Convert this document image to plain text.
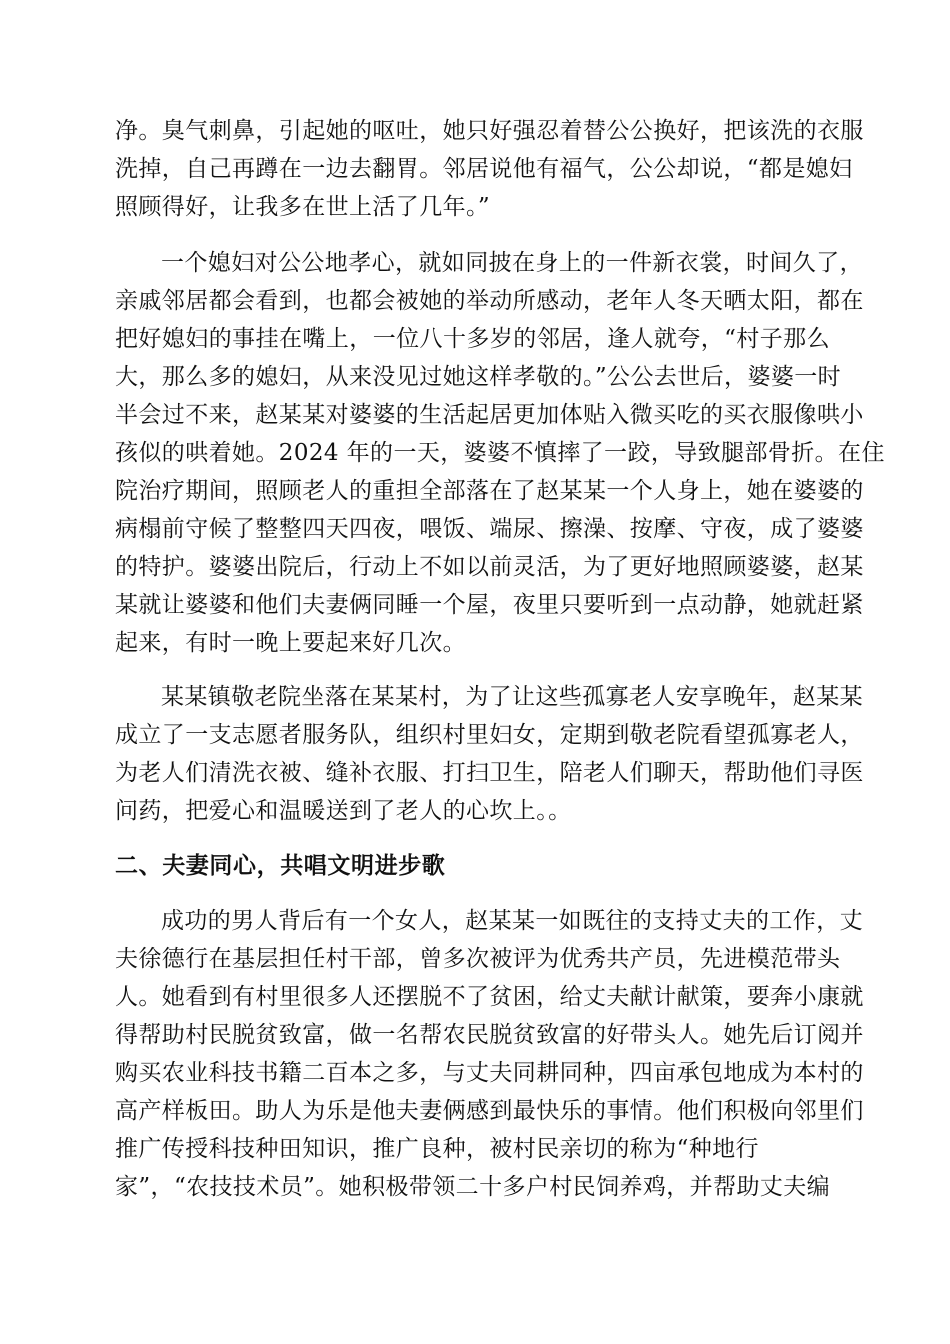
净。臭气刺鼻，引起她的呕吐，她只好强忍着替公公换好，把该洗的衣服
洗掉，自己再蹲在一边去翻胃。邻居说他有福气，公公却说，“都是媳妇
照顾得好，让我多在世上活了几年。”
一个媳妇对公公地孝心，就如同披在身上的一件新衣裳，时间久了，
亲戚邻居都会看到，也都会被她的举动所感动，老年人冬天晒太阳，都在
把好媳妇的事挂在嘴上，一位八十多岁的邻居，逢人就夸，“村子那么
大，那么多的媳妇，从来没见过她这样孝敬的。”公公去世后，婆婆一时
半会过不来，赵某某对婆婆的生活起居更加体贴入微买吃的买衣服像哄小
孩似的哄着她。2024 年的一天，婆婆不慎摔了一跤，导致腿部骨折。在住
院治疗期间，照顾老人的重担全部落在了赵某某一个人身上，她在婆婆的
病榻前守候了整整四天四夜，喂饭、端尿、擦澡、按摩、守夜，成了婆婆
的特护。婆婆出院后，行动上不如以前灵活，为了更好地照顾婆婆，赵某
某就让婆婆和他们夫妻俩同睡一个屋，夜里只要听到一点动静，她就赶紧
起来，有时一晚上要起来好几次。
某某镇敬老院坐落在某某村，为了让这些孤寡老人安享晚年，赵某某
成立了一支志愿者服务队，组织村里妇女，定期到敬老院看望孤寡老人，
为老人们清洗衣被、缝补衣服、打扫卫生，陪老人们聊天，帮助他们寻医
问药，把爱心和温暖送到了老人的心坎上。。
二、夫妻同心，共唱文明进步歌
成功的男人背后有一个女人，赵某某一如既往的支持丈夫的工作，丈
夫徐德行在基层担任村干部，曾多次被评为优秀共产员，先进模范带头
人。她看到有村里很多人还摆脱不了贫困，给丈夫献计献策，要奔小康就
得帮助村民脱贫致富，做一名帮农民脱贫致富的好带头人。她先后订阅并
购买农业科技书籍二百本之多，与丈夫同耕同种，四亩承包地成为本村的
高产样板田。助人为乐是他夫妻俩感到最快乐的事情。他们积极向邻里们
推广传授科技种田知识，推广良种，被村民亲切的称为“种地行
家”，“农技技术员”。她积极带领二十多户村民饲养鸡，并帮助丈夫编
